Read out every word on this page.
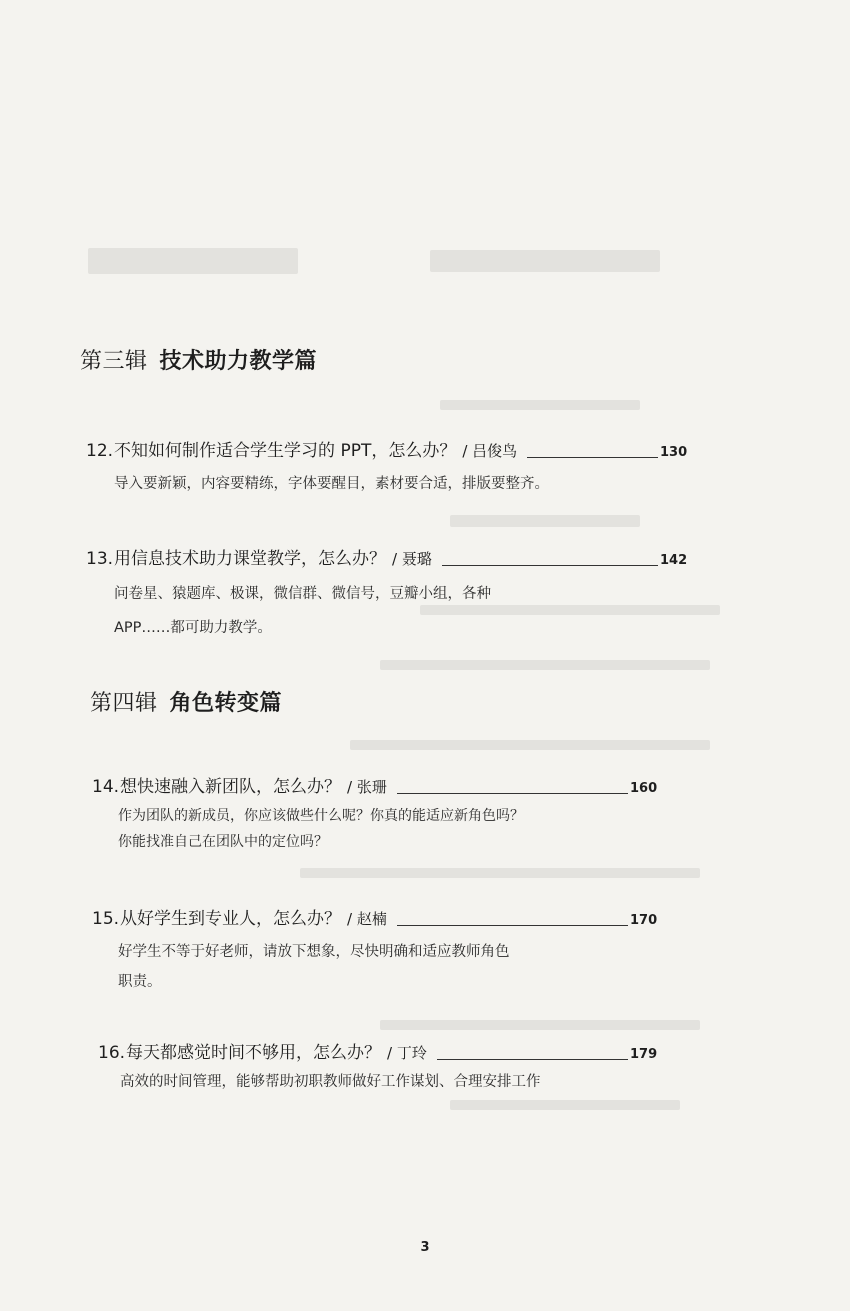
第三辑 技术助力教学篇
12. 不知如何制作适合学生学习的 PPT，怎么办？ / 吕俊鸟	130
导入要新颖，内容要精练，字体要醒目，素材要合适，排版要整齐。
13. 用信息技术助力课堂教学，怎么办？ / 聂璐	142
问卷星、猿题库、极课，微信群、微信号，豆瓣小组，各种
APP……都可助力教学。
第四辑 角色转变篇
14. 想快速融入新团队，怎么办？ / 张珊	160
作为团队的新成员，你应该做些什么呢？你真的能适应新角色吗？
你能找准自己在团队中的定位吗？
15. 从好学生到专业人，怎么办？ / 赵楠	170
好学生不等于好老师，请放下想象，尽快明确和适应教师角色
职责。
16. 每天都感觉时间不够用，怎么办？ / 丁玲	179
高效的时间管理，能够帮助初职教师做好工作谋划、合理安排工作
3
